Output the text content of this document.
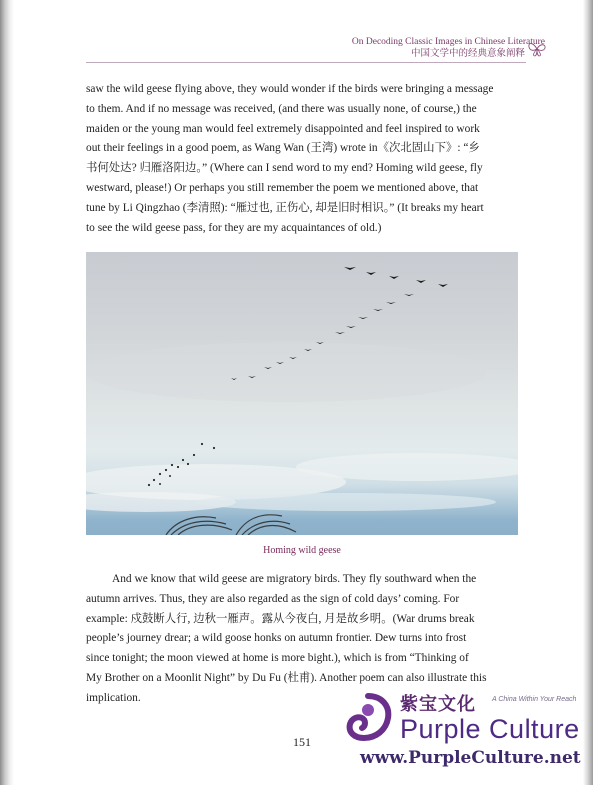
On Decoding Classic Images in Chinese Literature
中国文学中的经典意象阐释

saw the wild geese flying above, they would wonder if the birds were bringing a message

to them. And if no message was received, (and there was usually none, of course,) the

maiden or the young man would feel extremely disappointed and feel inspired to work

out their feelings in a good poem, as Wang Wan (王湾) wrote in《次北固山下》: “乡

书何处达? 归雁洛阳边。” (Where can I send word to my end? Homing wild geese, fly

westward, please!) Or perhaps you still remember the poem we mentioned above, that

tune by Li Qingzhao (李清照): “雁过也, 正伤心, 却是旧时相识。” (It breaks my heart

to see the wild geese pass, for they are my acquaintances of old.)

Homing wild geese

And we know that wild geese are migratory birds. They fly southward when the

autumn arrives. Thus, they are also regarded as the sign of cold days’ coming. For

example: 戍鼓断人行, 边秋一雁声。露从今夜白, 月是故乡明。(War drums break

people’s journey drear; a wild goose honks on autumn frontier. Dew turns into frost

since tonight; the moon viewed at home is more bight.), which is from “Thinking of

My Brother on a Moonlit Night” by Du Fu (杜甫). Another poem can also illustrate this

implication.

151
紫宝文化 A China Within Your Reach
Purple Culture
www.PurpleCulture.net
